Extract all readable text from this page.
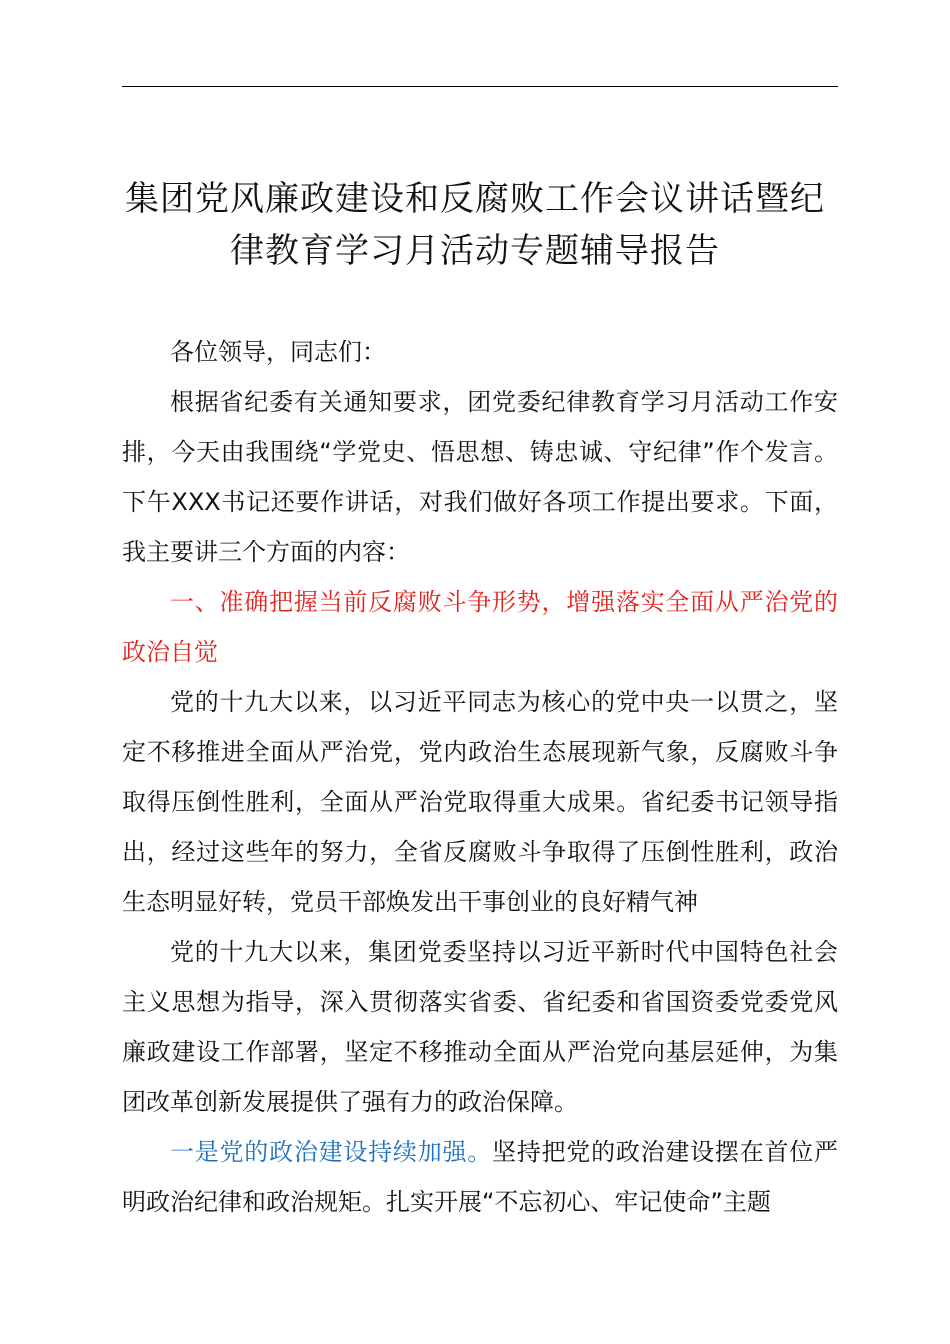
集团党风廉政建设和反腐败工作会议讲话暨纪
律教育学习月活动专题辅导报告

各位领导，同志们：

根据省纪委有关通知要求，团党委纪律教育学习月活动工作安排，今天由我围绕“学党史、悟思想、铸忠诚、守纪律”作个发言。下午XXX书记还要作讲话，对我们做好各项工作提出要求。下面，我主要讲三个方面的内容：

一、准确把握当前反腐败斗争形势，增强落实全面从严治党的政治自觉

党的十九大以来，以习近平同志为核心的党中央一以贯之，坚定不移推进全面从严治党，党内政治生态展现新气象，反腐败斗争取得压倒性胜利，全面从严治党取得重大成果。省纪委书记领导指出，经过这些年的努力，全省反腐败斗争取得了压倒性胜利，政治生态明显好转，党员干部焕发出干事创业的良好精气神

党的十九大以来，集团党委坚持以习近平新时代中国特色社会主义思想为指导，深入贯彻落实省委、省纪委和省国资委党委党风廉政建设工作部署，坚定不移推动全面从严治党向基层延伸，为集团改革创新发展提供了强有力的政治保障。

一是党的政治建设持续加强。坚持把党的政治建设摆在首位严明政治纪律和政治规矩。扎实开展“不忘初心、牢记使命”主题
